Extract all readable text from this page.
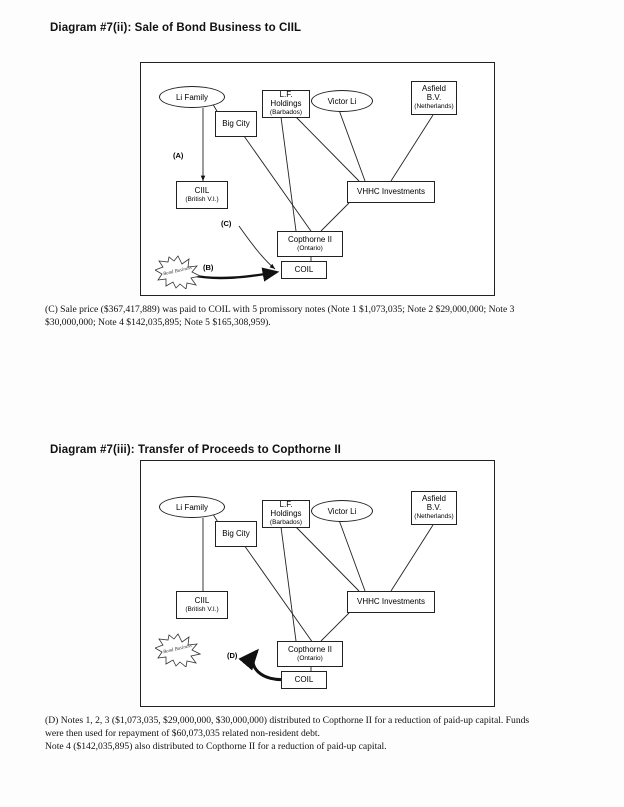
Diagram #7(ii): Sale of Bond Business to CIIL
Li Family
Big City
L.F. Holdings
(Barbados)
Victor Li
Asfield B.V.
(Netherlands)
CIIL
(British V.I.)
VHHC Investments
Copthorne II
(Ontario)
COIL
Bond Business
(A)
(B)
(C)
(C) Sale price ($367,417,889) was paid to COIL with 5 promissory notes (Note 1 $1,073,035; Note 2 $29,000,000; Note 3
$30,000,000; Note 4 $142,035,895; Note 5 $165,308,959).
Diagram #7(iii): Transfer of Proceeds to Copthorne II
Li Family
Big City
L.F. Holdings
(Barbados)
Victor Li
Asfield B.V.
(Netherlands)
CIIL
(British V.I.)
VHHC Investments
Copthorne II
(Ontario)
COIL
Bond Business	(D)
(D) Notes 1, 2, 3 ($1,073,035, $29,000,000, $30,000,000) distributed to Copthorne II for a reduction of paid-up capital. Funds
were then used for repayment of $60,073,035 related non-resident debt.
Note 4 ($142,035,895) also distributed to Copthorne II for a reduction of paid-up capital.
